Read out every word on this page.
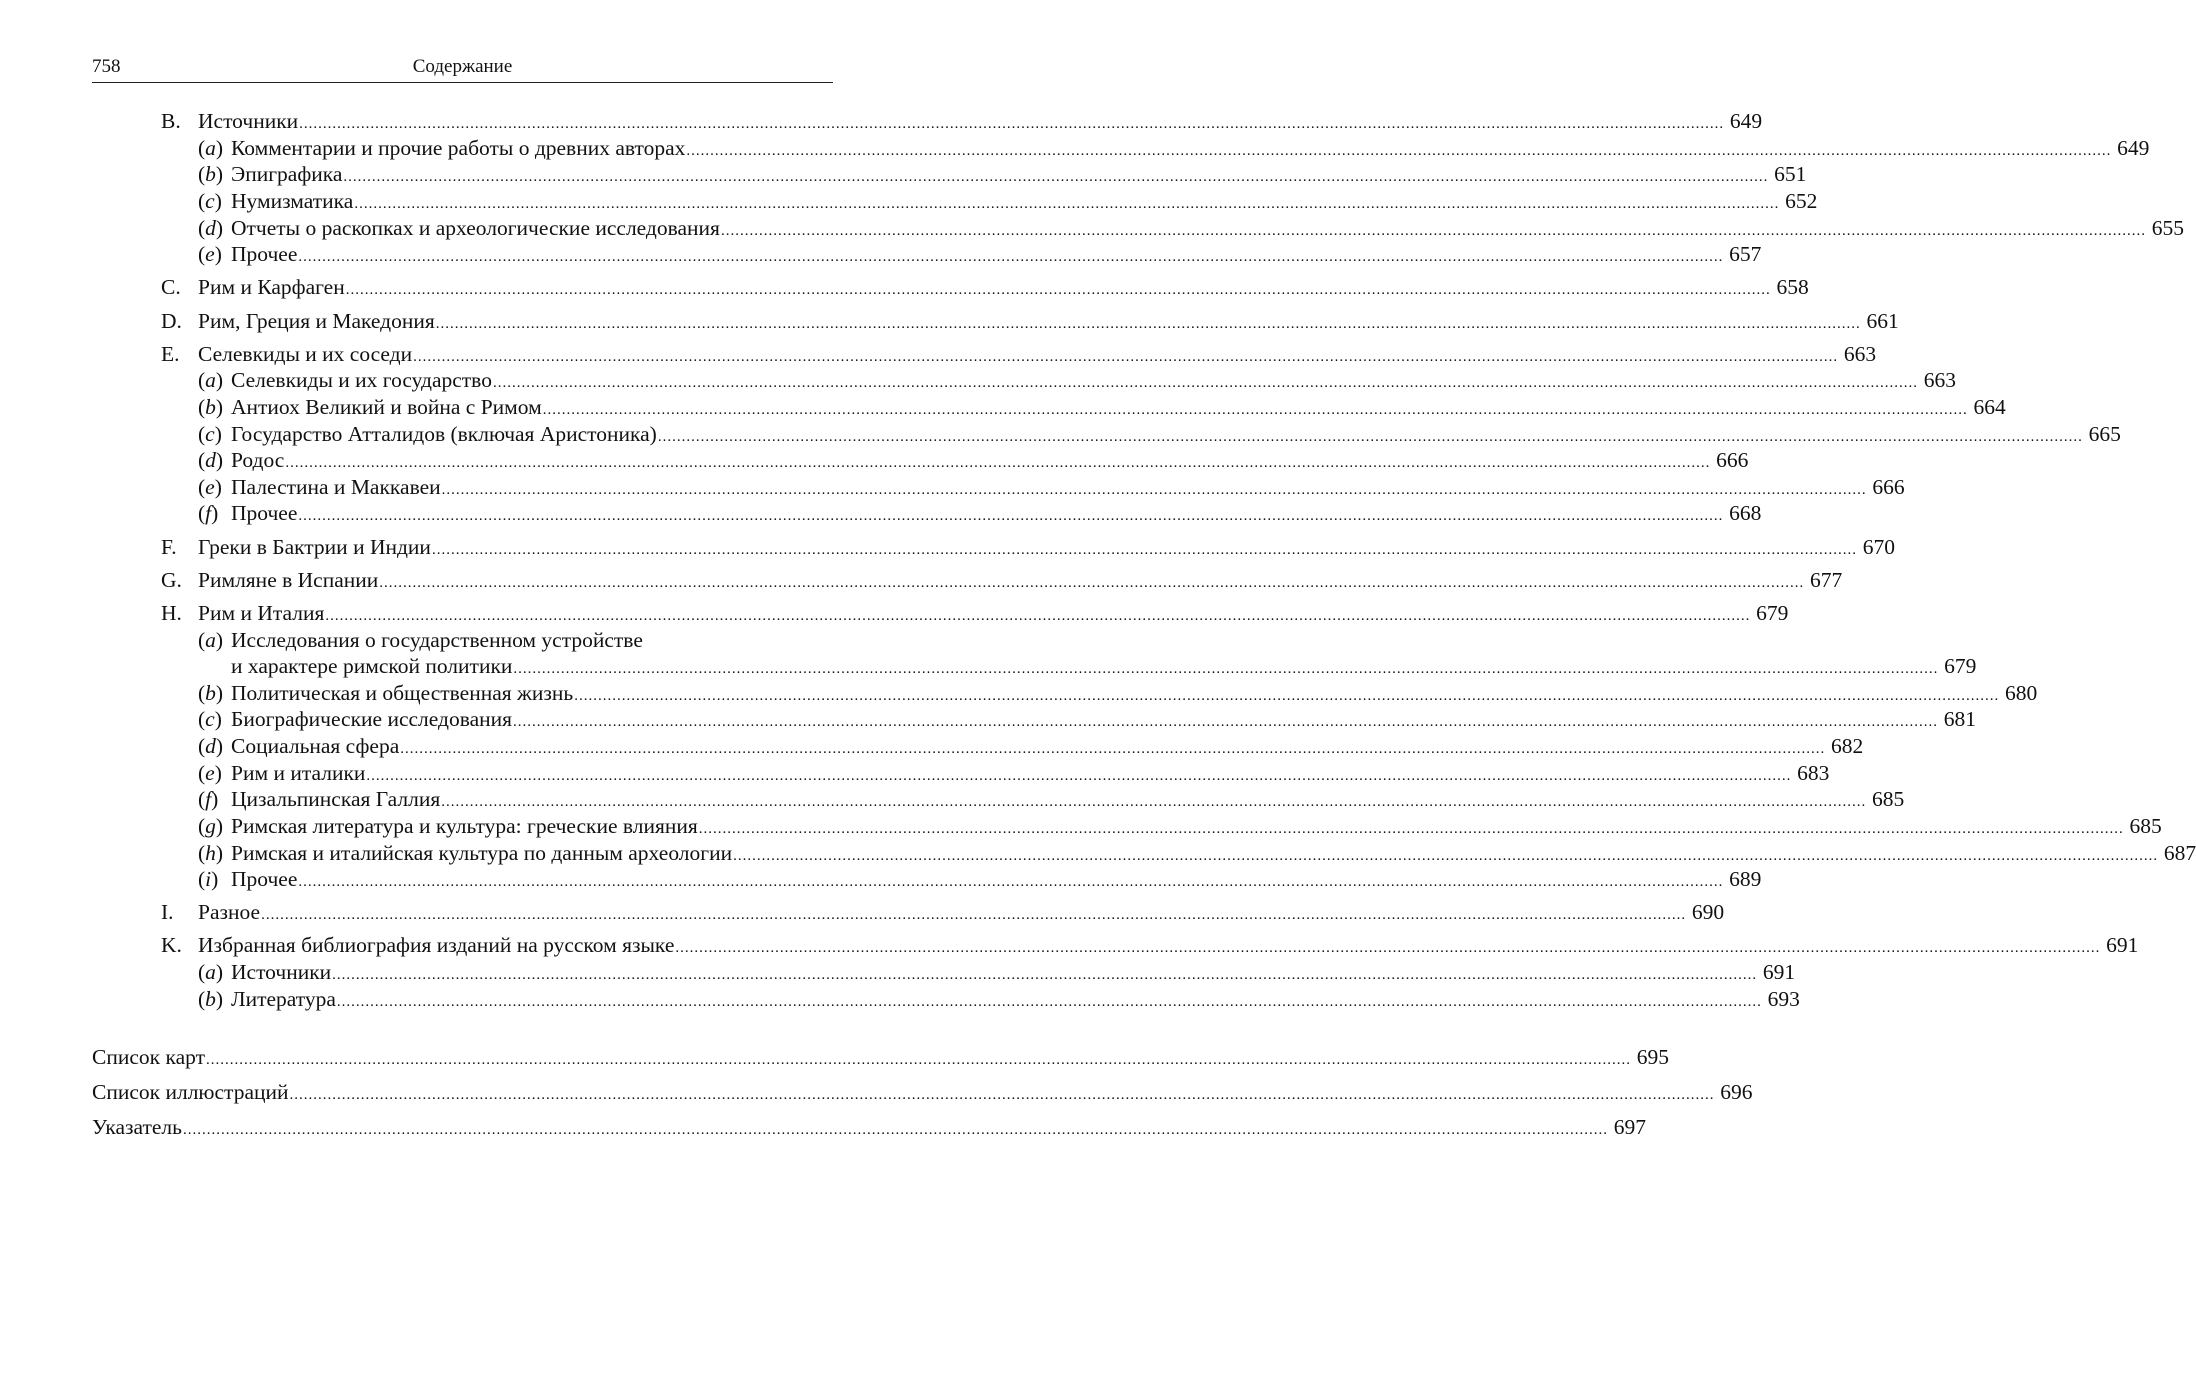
758	Содержание
B. Источники ............................................................................................................................................................................................................................................................................................................ 649
(a) Комментарии и прочие работы о древних авторах ............................................................................................................................................................................................................................................................................................................ 649
(b) Эпиграфика ............................................................................................................................................................................................................................................................................................................ 651
(c) Нумизматика ............................................................................................................................................................................................................................................................................................................ 652
(d) Отчеты о раскопках и археологические исследования ............................................................................................................................................................................................................................................................................................................ 655
(e) Прочее ............................................................................................................................................................................................................................................................................................................ 657
C. Рим и Карфаген ............................................................................................................................................................................................................................................................................................................ 658
D. Рим, Греция и Македония ............................................................................................................................................................................................................................................................................................................ 661
E. Селевкиды и их соседи ............................................................................................................................................................................................................................................................................................................ 663
(a) Селевкиды и их государство ............................................................................................................................................................................................................................................................................................................ 663
(b) Антиох Великий и война с Римом ............................................................................................................................................................................................................................................................................................................ 664
(c) Государство Атталидов (включая Аристоника) ............................................................................................................................................................................................................................................................................................................ 665
(d) Родос ............................................................................................................................................................................................................................................................................................................ 666
(e) Палестина и Маккавеи ............................................................................................................................................................................................................................................................................................................ 666
(f) Прочее ............................................................................................................................................................................................................................................................................................................ 668
F. Греки в Бактрии и Индии ............................................................................................................................................................................................................................................................................................................ 670
G. Римляне в Испании ............................................................................................................................................................................................................................................................................................................ 677
H. Рим и Италия ............................................................................................................................................................................................................................................................................................................ 679
Исследования о государственном устройстве
(a)
и характере римской политики ............................................................................................................................................................................................................................................................................................................ 679
(b) Политическая и общественная жизнь ............................................................................................................................................................................................................................................................................................................ 680
(c) Биографические исследования ............................................................................................................................................................................................................................................................................................................ 681
(d) Социальная сфера ............................................................................................................................................................................................................................................................................................................ 682
(e) Рим и италики ............................................................................................................................................................................................................................................................................................................ 683
(f) Цизальпинская Галлия ............................................................................................................................................................................................................................................................................................................ 685
(g) Римская литература и культура: греческие влияния ............................................................................................................................................................................................................................................................................................................ 685
(h) Римская и италийская культура по данным археологии ............................................................................................................................................................................................................................................................................................................ 687
(i) Прочее ............................................................................................................................................................................................................................................................................................................ 689
I. Разное ............................................................................................................................................................................................................................................................................................................ 690
K. Избранная библиография изданий на русском языке ............................................................................................................................................................................................................................................................................................................ 691
(a) Источники ............................................................................................................................................................................................................................................................................................................ 691
(b) Литература ............................................................................................................................................................................................................................................................................................................ 693
Список карт ............................................................................................................................................................................................................................................................................................................ 695
Список иллюстраций ............................................................................................................................................................................................................................................................................................................ 696
Указатель ............................................................................................................................................................................................................................................................................................................ 697
